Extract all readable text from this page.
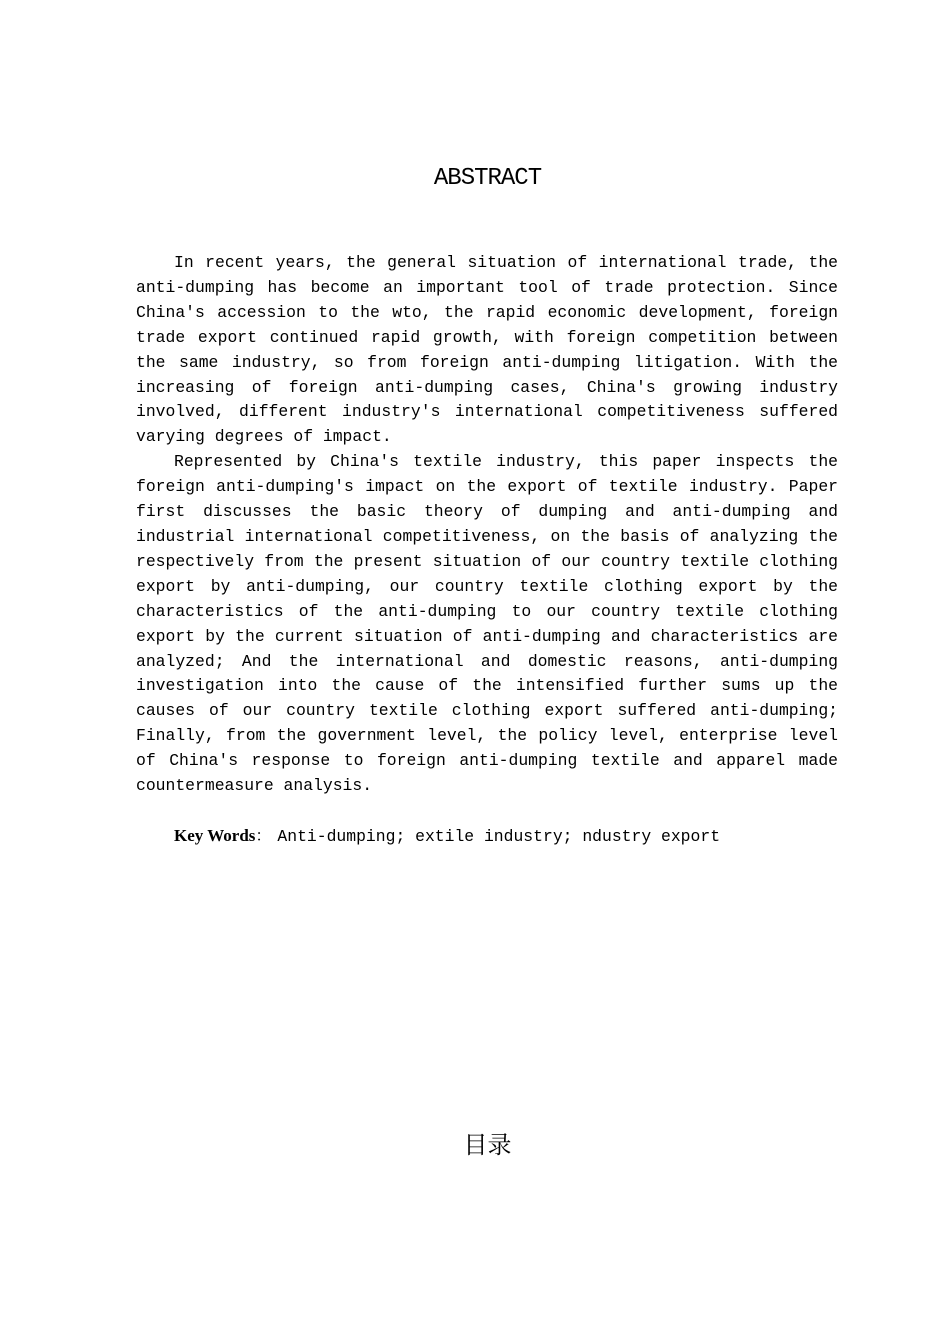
ABSTRACT

In recent years, the general situation of international trade, the anti-dumping has become an important tool of trade protection. Since China's accession to the wto, the rapid economic development, foreign trade export continued rapid growth, with foreign competition between the same industry, so from foreign anti-dumping litigation. With the increasing of foreign anti-dumping cases, China's growing industry involved, different industry's international competitiveness suffered varying degrees of impact.

Represented by China's textile industry, this paper inspects the foreign anti-dumping's impact on the export of textile industry. Paper first discusses the basic theory of dumping and anti-dumping and industrial international competitiveness, on the basis of analyzing the respectively from the present situation of our country textile clothing export by anti-dumping, our country textile clothing export by the characteristics of the anti-dumping to our country textile clothing export by the current situation of anti-dumping and characteristics are analyzed; And the international and domestic reasons, anti-dumping investigation into the cause of the intensified further sums up the causes of our country textile clothing export suffered anti-dumping; Finally, from the government level, the policy level, enterprise level of China's response to foreign anti-dumping textile and apparel made countermeasure analysis.

Key Words： Anti-dumping; extile industry; ndustry export
目录
